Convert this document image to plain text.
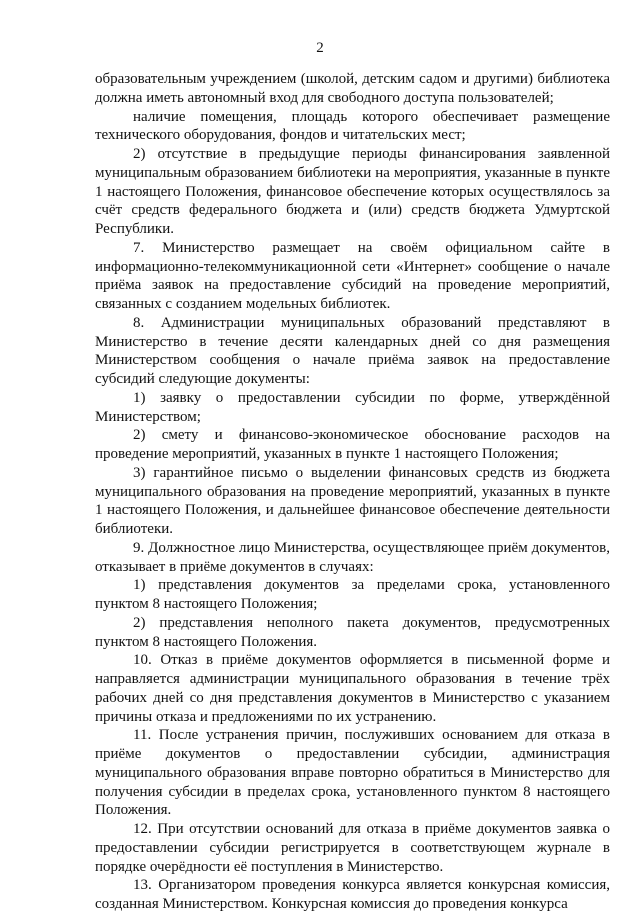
2

образовательным учреждением (школой, детским садом и другими) библиотека должна иметь автономный вход для свободного доступа пользователей;

наличие помещения, площадь которого обеспечивает размещение технического оборудования, фондов и читательских мест;

2) отсутствие в предыдущие периоды финансирования заявленной муниципальным образованием библиотеки на мероприятия, указанные в пункте 1 настоящего Положения, финансовое обеспечение которых осуществлялось за счёт средств федерального бюджета и (или) средств бюджета Удмуртской Республики.

7. Министерство размещает на своём официальном сайте в информационно-телекоммуникационной сети «Интернет» сообщение о начале приёма заявок на предоставление субсидий на проведение мероприятий, связанных с созданием модельных библиотек.

8. Администрации муниципальных образований представляют в Министерство в течение десяти календарных дней со дня размещения Министерством сообщения о начале приёма заявок на предоставление субсидий следующие документы:

1) заявку о предоставлении субсидии по форме, утверждённой Министерством;

2) смету и финансово-экономическое обоснование расходов на проведение мероприятий, указанных в пункте 1 настоящего Положения;

3) гарантийное письмо о выделении финансовых средств из бюджета муниципального образования на проведение мероприятий, указанных в пункте 1 настоящего Положения, и дальнейшее финансовое обеспечение деятельности библиотеки.

9. Должностное лицо Министерства, осуществляющее приём документов, отказывает в приёме документов в случаях:

1) представления документов за пределами срока, установленного пунктом 8 настоящего Положения;

2) представления неполного пакета документов, предусмотренных пунктом 8 настоящего Положения.

10. Отказ в приёме документов оформляется в письменной форме и направляется администрации муниципального образования в течение трёх рабочих дней со дня представления документов в Министерство с указанием причины отказа и предложениями по их устранению.

11. После устранения причин, послуживших основанием для отказа в приёме документов о предоставлении субсидии, администрация муниципального образования вправе повторно обратиться в Министерство для получения субсидии в пределах срока, установленного пунктом 8 настоящего Положения.

12. При отсутствии оснований для отказа в приёме документов заявка о предоставлении субсидии регистрируется в соответствующем журнале в порядке очерёдности её поступления в Министерство.

13. Организатором проведения конкурса является конкурсная комиссия, созданная Министерством. Конкурсная комиссия до проведения конкурса
